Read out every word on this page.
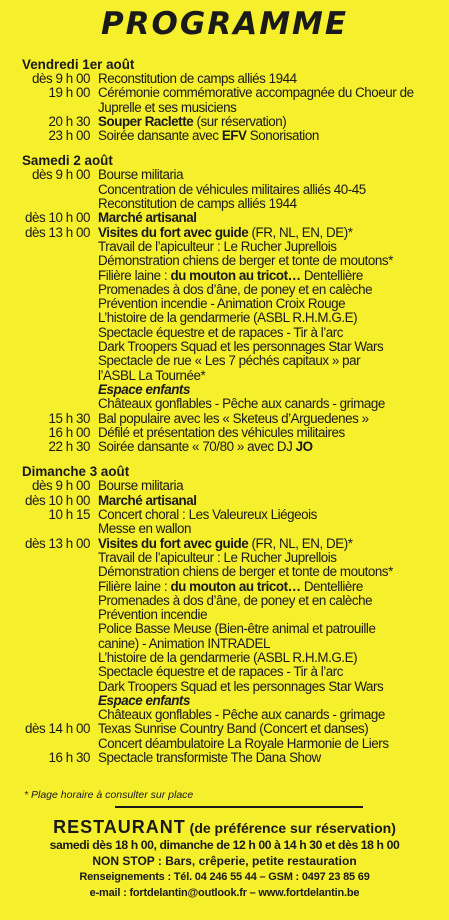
PROGRAMME
Vendredi 1er août
dès 9 h 00 Reconstitution de camps alliés 1944
19 h 00 Cérémonie commémorative accompagnée du Choeur de
Juprelle et ses musiciens
20 h 30 Souper Raclette (sur réservation)
23 h 00 Soirée dansante avec EFV Sonorisation
Samedi 2 août
dès 9 h 00 Bourse militaria
Concentration de véhicules militaires alliés 40-45
Reconstitution de camps alliés 1944
dès 10 h 00 Marché artisanal
dès 13 h 00 Visites du fort avec guide (FR, NL, EN, DE)*
Travail de l’apiculteur : Le Rucher Juprellois
Démonstration chiens de berger et tonte de moutons*
Filière laine : du mouton au tricot… Dentellière
Promenades à dos d’âne, de poney et en calèche
Prévention incendie - Animation Croix Rouge
L’histoire de la gendarmerie (ASBL R.H.M.G.E)
Spectacle équestre et de rapaces - Tir à l’arc
Dark Troopers Squad et les personnages Star Wars
Spectacle de rue « Les 7 péchés capitaux » par
l’ASBL La Tournée*
Espace enfants
Châteaux gonflables - Pêche aux canards - grimage
15 h 30 Bal populaire avec les « Sketeus d’Arguedenes »
16 h 00 Défilé et présentation des véhicules militaires
22 h 30 Soirée dansante « 70/80 » avec DJ JO
Dimanche 3 août
dès 9 h 00 Bourse militaria
dès 10 h 00 Marché artisanal
10 h 15 Concert choral : Les Valeureux Liégeois
Messe en wallon
dès 13 h 00 Visites du fort avec guide (FR, NL, EN, DE)*
Travail de l’apiculteur : Le Rucher Juprellois
Démonstration chiens de berger et tonte de moutons*
Filière laine : du mouton au tricot… Dentellière
Promenades à dos d’âne, de poney et en calèche
Prévention incendie
Police Basse Meuse (Bien-être animal et patrouille
canine) - Animation INTRADEL
L’histoire de la gendarmerie (ASBL R.H.M.G.E)
Spectacle équestre et de rapaces - Tir à l’arc
Dark Troopers Squad et les personnages Star Wars
Espace enfants
Châteaux gonflables - Pêche aux canards - grimage
dès 14 h 00 Texas Sunrise Country Band (Concert et danses)
Concert déambulatoire La Royale Harmonie de Liers
16 h 30 Spectacle transformiste The Dana Show
* Plage horaire à consulter sur place
RESTAURANT (de préférence sur réservation)
samedi dès 18 h 00, dimanche de 12 h 00 à 14 h 30 et dès 18 h 00
NON STOP : Bars, crêperie, petite restauration
Renseignements : Tél. 04 246 55 44 – GSM : 0497 23 85 69
e-mail : fortdelantin@outlook.fr – www.fortdelantin.be
